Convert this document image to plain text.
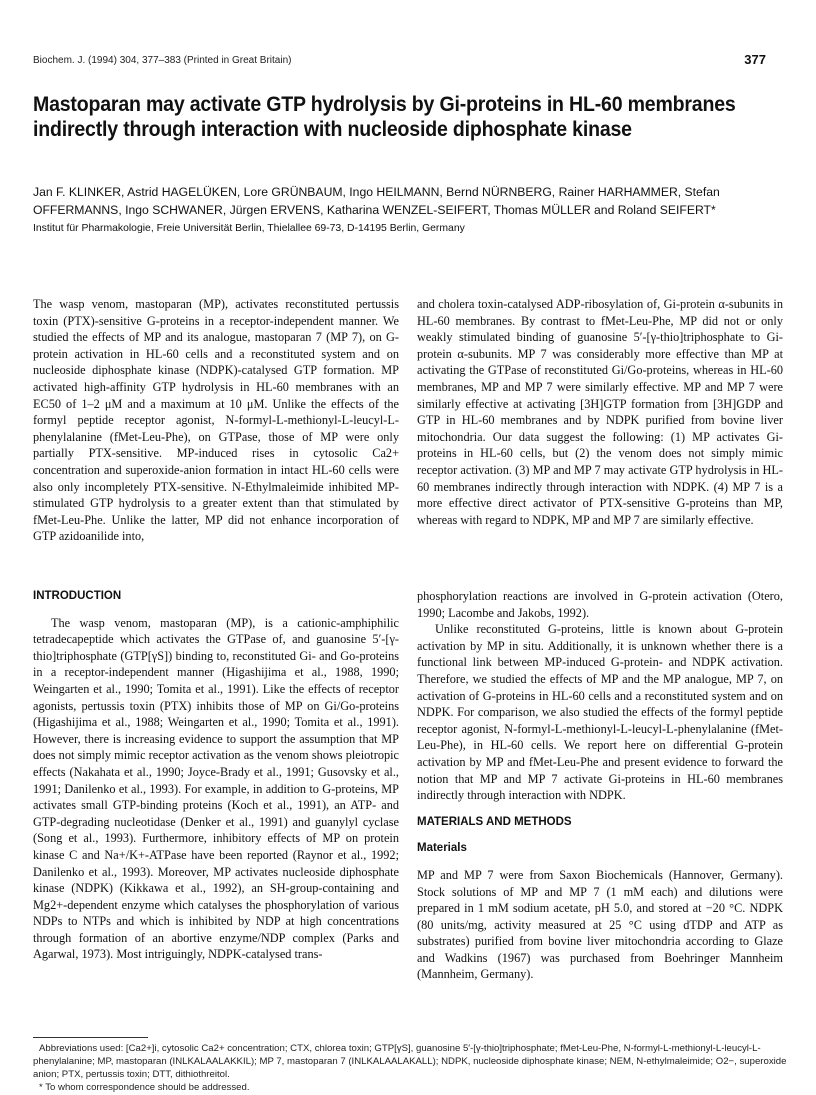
Biochem. J. (1994) 304, 377–383 (Printed in Great Britain)	377
Mastoparan may activate GTP hydrolysis by Gi-proteins in HL-60 membranes indirectly through interaction with nucleoside diphosphate kinase
Jan F. KLINKER, Astrid HAGELÜKEN, Lore GRÜNBAUM, Ingo HEILMANN, Bernd NÜRNBERG, Rainer HARHAMMER, Stefan OFFERMANNS, Ingo SCHWANER, Jürgen ERVENS, Katharina WENZEL-SEIFERT, Thomas MÜLLER and Roland SEIFERT*
Institut für Pharmakologie, Freie Universität Berlin, Thielallee 69-73, D-14195 Berlin, Germany

The wasp venom, mastoparan (MP), activates reconstituted pertussis toxin (PTX)-sensitive G-proteins in a receptor-independent manner. We studied the effects of MP and its analogue, mastoparan 7 (MP 7), on G-protein activation in HL-60 cells and a reconstituted system and on nucleoside diphosphate kinase (NDPK)-catalysed GTP formation. MP activated high-affinity GTP hydrolysis in HL-60 membranes with an EC50 of 1–2 μM and a maximum at 10 μM. Unlike the effects of the formyl peptide receptor agonist, N-formyl-L-methionyl-L-leucyl-L-phenylalanine (fMet-Leu-Phe), on GTPase, those of MP were only partially PTX-sensitive. MP-induced rises in cytosolic Ca2+ concentration and superoxide-anion formation in intact HL-60 cells were also only incompletely PTX-sensitive. N-Ethylmaleimide inhibited MP-stimulated GTP hydrolysis to a greater extent than that stimulated by fMet-Leu-Phe. Unlike the latter, MP did not enhance incorporation of GTP azidoanilide into,

and cholera toxin-catalysed ADP-ribosylation of, Gi-protein α-subunits in HL-60 membranes. By contrast to fMet-Leu-Phe, MP did not or only weakly stimulated binding of guanosine 5′-[γ-thio]triphosphate to Gi-protein α-subunits. MP 7 was considerably more effective than MP at activating the GTPase of reconstituted Gi/Go-proteins, whereas in HL-60 membranes, MP and MP 7 were similarly effective. MP and MP 7 were similarly effective at activating [3H]GTP formation from [3H]GDP and GTP in HL-60 membranes and by NDPK purified from bovine liver mitochondria. Our data suggest the following: (1) MP activates Gi-proteins in HL-60 cells, but (2) the venom does not simply mimic receptor activation. (3) MP and MP 7 may activate GTP hydrolysis in HL-60 membranes indirectly through interaction with NDPK. (4) MP 7 is a more effective direct activator of PTX-sensitive G-proteins than MP, whereas with regard to NDPK, MP and MP 7 are similarly effective.

INTRODUCTION

The wasp venom, mastoparan (MP), is a cationic-amphiphilic tetradecapeptide which activates the GTPase of, and guanosine 5′-[γ-thio]triphosphate (GTP[γS]) binding to, reconstituted Gi- and Go-proteins in a receptor-independent manner (Higashijima et al., 1988, 1990; Weingarten et al., 1990; Tomita et al., 1991). Like the effects of receptor agonists, pertussis toxin (PTX) inhibits those of MP on Gi/Go-proteins (Higashijima et al., 1988; Weingarten et al., 1990; Tomita et al., 1991). However, there is increasing evidence to support the assumption that MP does not simply mimic receptor activation as the venom shows pleiotropic effects (Nakahata et al., 1990; Joyce-Brady et al., 1991; Gusovsky et al., 1991; Danilenko et al., 1993). For example, in addition to G-proteins, MP activates small GTP-binding proteins (Koch et al., 1991), an ATP- and GTP-degrading nucleotidase (Denker et al., 1991) and guanylyl cyclase (Song et al., 1993). Furthermore, inhibitory effects of MP on protein kinase C and Na+/K+-ATPase have been reported (Raynor et al., 1992; Danilenko et al., 1993). Moreover, MP activates nucleoside diphosphate kinase (NDPK) (Kikkawa et al., 1992), an SH-group-containing and Mg2+-dependent enzyme which catalyses the phosphorylation of various NDPs to NTPs and which is inhibited by NDP at high concentrations through formation of an abortive enzyme/NDP complex (Parks and Agarwal, 1973). Most intriguingly, NDPK-catalysed trans-

phosphorylation reactions are involved in G-protein activation (Otero, 1990; Lacombe and Jakobs, 1992).

Unlike reconstituted G-proteins, little is known about G-protein activation by MP in situ. Additionally, it is unknown whether there is a functional link between MP-induced G-protein- and NDPK activation. Therefore, we studied the effects of MP and the MP analogue, MP 7, on activation of G-proteins in HL-60 cells and a reconstituted system and on NDPK. For comparison, we also studied the effects of the formyl peptide receptor agonist, N-formyl-L-methionyl-L-leucyl-L-phenylalanine (fMet-Leu-Phe), in HL-60 cells. We report here on differential G-protein activation by MP and fMet-Leu-Phe and present evidence to forward the notion that MP and MP 7 activate Gi-proteins in HL-60 membranes indirectly through interaction with NDPK.

MATERIALS AND METHODS
Materials

MP and MP 7 were from Saxon Biochemicals (Hannover, Germany). Stock solutions of MP and MP 7 (1 mM each) and dilutions were prepared in 1 mM sodium acetate, pH 5.0, and stored at −20 °C. NDPK (80 units/mg, activity measured at 25 °C using dTDP and ATP as substrates) purified from bovine liver mitochondria according to Glaze and Wadkins (1967) was purchased from Boehringer Mannheim (Mannheim, Germany).

Abbreviations used: [Ca2+]i, cytosolic Ca2+ concentration; CTX, chlorea toxin; GTP[γS], guanosine 5′-[γ-thio]triphosphate; fMet-Leu-Phe, N-formyl-L-methionyl-L-leucyl-L-phenylalanine; MP, mastoparan (INLKALAALAKKIL); MP 7, mastoparan 7 (INLKALAALAKALL); NDPK, nucleoside diphosphate kinase; NEM, N-ethylmaleimide; O2−, superoxide anion; PTX, pertussis toxin; DTT, dithiothreitol.

* To whom correspondence should be addressed.
